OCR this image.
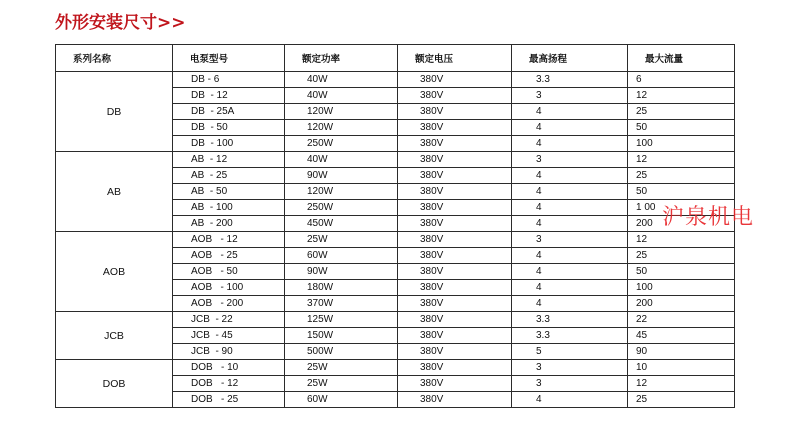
外形安装尺寸>>
系列名称	电泵型号	额定功率	额定电压	最高扬程	最大流量
DB	DB - 6	40W	380V	3.3	6
	DB  - 12	40W	380V	3	12
	DB  - 25A	120W	380V	4	25
	DB  - 50	120W	380V	4	50
	DB  - 100	250W	380V	4	100
AB	AB  - 12	40W	380V	3	12
	AB  - 25	90W	380V	4	25
	AB  - 50	120W	380V	4	50
	AB  - 100	250W	380V	4	1 00
	AB  - 200	450W	380V	4	200
AOB	AOB   - 12	25W	380V	3	12
	AOB   - 25	60W	380V	4	25
	AOB   - 50	90W	380V	4	50
	AOB   - 100	180W	380V	4	100
	AOB   - 200	370W	380V	4	200
JCB	JCB  - 22	125W	380V	3.3	22
	JCB  - 45	150W	380V	3.3	45
	JCB  - 90	500W	380V	5	90
DOB	DOB   - 10	25W	380V	3	10
	DOB   - 12	25W	380V	3	12
	DOB   - 25	60W	380V	4	25
沪泉机电
